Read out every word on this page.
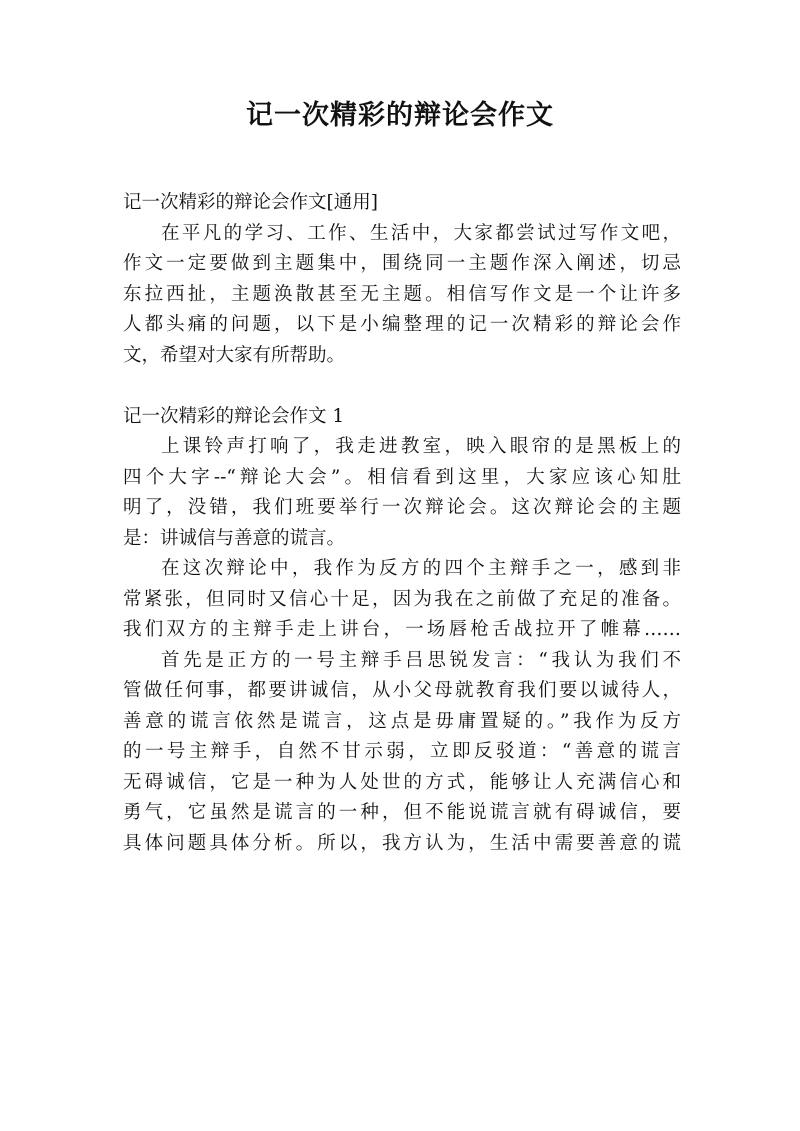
记一次精彩的辩论会作文
记一次精彩的辩论会作文[通用]
在平凡的学习、工作、生活中，大家都尝试过写作文吧，
作文一定要做到主题集中，围绕同一主题作深入阐述，切忌
东拉西扯，主题涣散甚至无主题。相信写作文是一个让许多
人都头痛的问题，以下是小编整理的记一次精彩的辩论会作
文，希望对大家有所帮助。
记一次精彩的辩论会作文 1
上课铃声打响了，我走进教室，映入眼帘的是黑板上的
四个大字--“辩论大会”。相信看到这里，大家应该心知肚
明了，没错，我们班要举行一次辩论会。这次辩论会的主题
是：讲诚信与善意的谎言。
在这次辩论中，我作为反方的四个主辩手之一，感到非
常紧张，但同时又信心十足，因为我在之前做了充足的准备。
我们双方的主辩手走上讲台，一场唇枪舌战拉开了帷幕……
首先是正方的一号主辩手吕思锐发言：“我认为我们不
管做任何事，都要讲诚信，从小父母就教育我们要以诚待人，
善意的谎言依然是谎言，这点是毋庸置疑的。”我作为反方
的一号主辩手，自然不甘示弱，立即反驳道：“善意的谎言
无碍诚信，它是一种为人处世的方式，能够让人充满信心和
勇气，它虽然是谎言的一种，但不能说谎言就有碍诚信，要
具体问题具体分析。所以，我方认为，生活中需要善意的谎
